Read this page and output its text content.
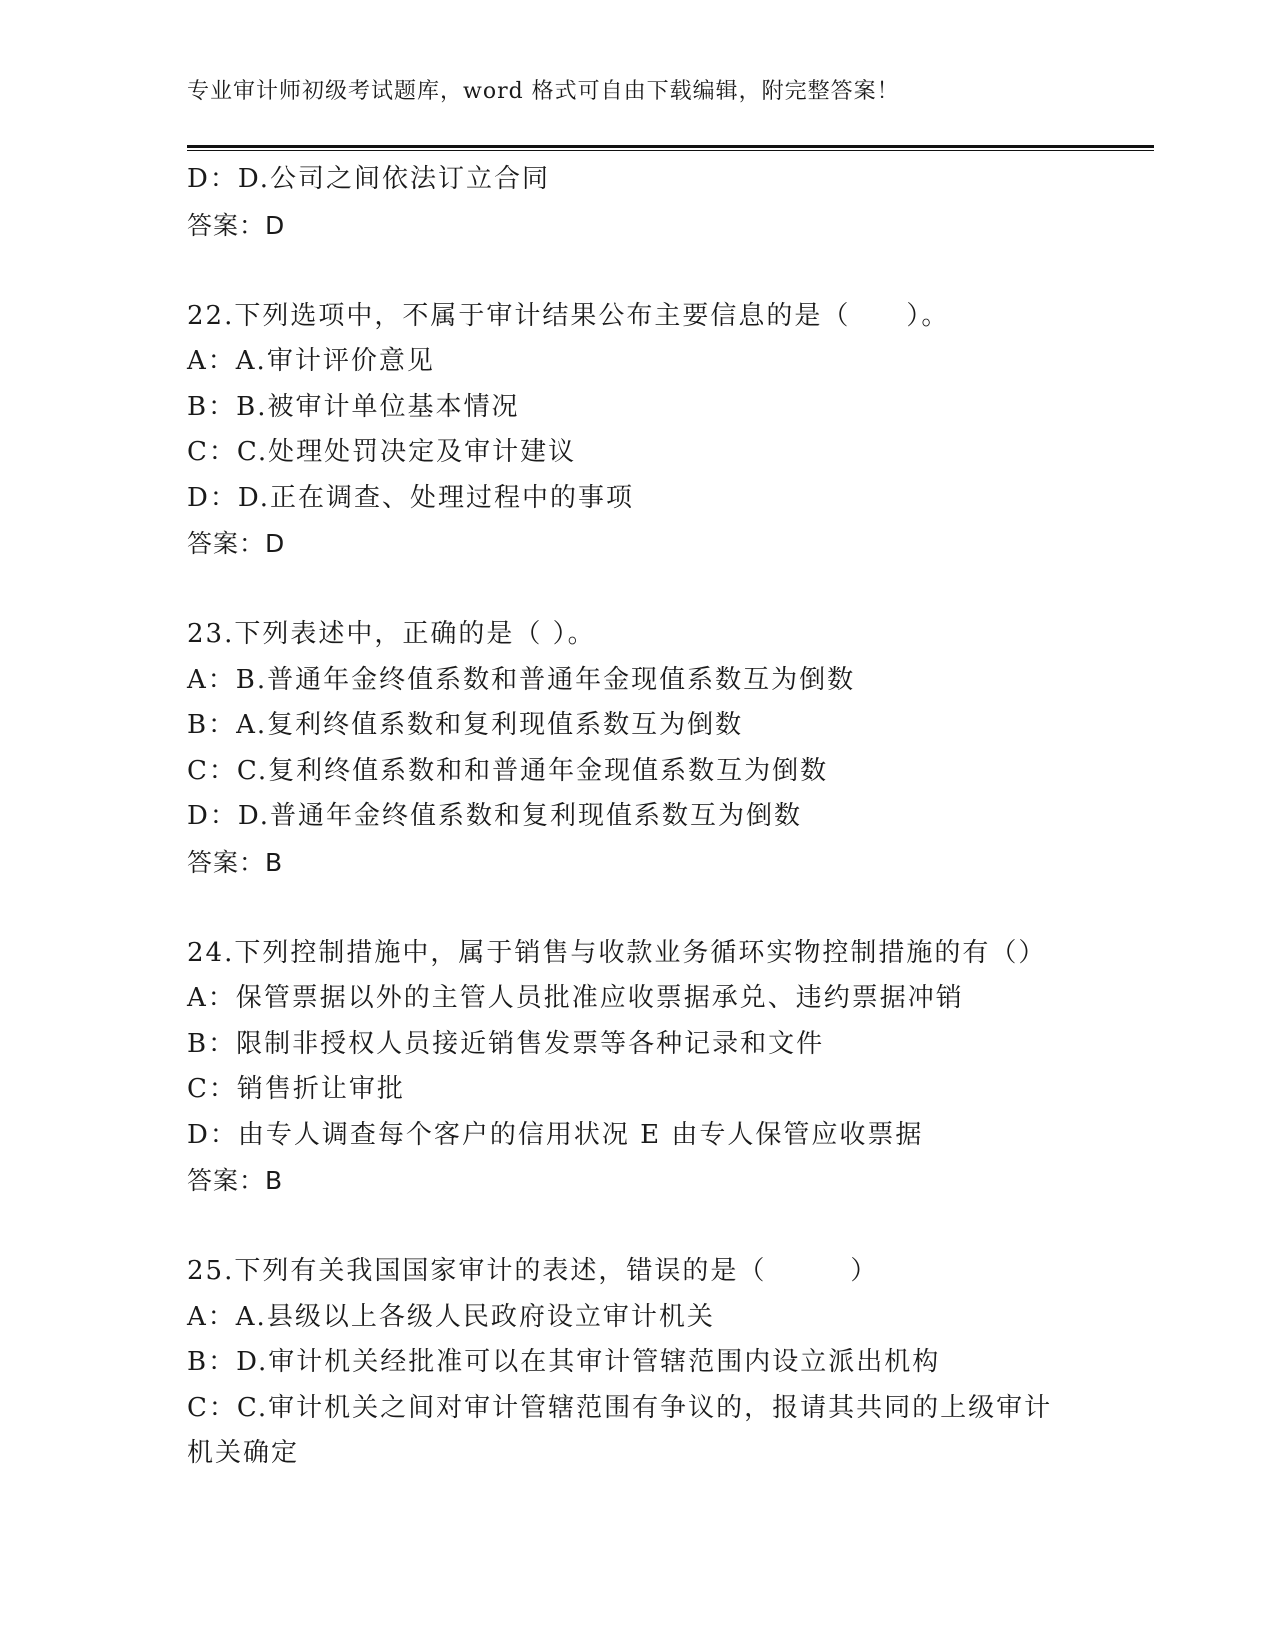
专业审计师初级考试题库，word 格式可自由下载编辑，附完整答案！
D：D.公司之间依法订立合同
答案：D
22.下列选项中，不属于审计结果公布主要信息的是（　　）。
A：A.审计评价意见
B：B.被审计单位基本情况
C：C.处理处罚决定及审计建议
D：D.正在调查、处理过程中的事项
答案：D
23.下列表述中，正确的是（ ）。
A：B.普通年金终值系数和普通年金现值系数互为倒数
B：A.复利终值系数和复利现值系数互为倒数
C：C.复利终值系数和和普通年金现值系数互为倒数
D：D.普通年金终值系数和复利现值系数互为倒数
答案：B
24.下列控制措施中，属于销售与收款业务循环实物控制措施的有（）
A：保管票据以外的主管人员批准应收票据承兑、违约票据冲销
B：限制非授权人员接近销售发票等各种记录和文件
C：销售折让审批
D：由专人调查每个客户的信用状况 E 由专人保管应收票据
答案：B
25.下列有关我国国家审计的表述，错误的是（　　　）
A：A.县级以上各级人民政府设立审计机关
B：D.审计机关经批准可以在其审计管辖范围内设立派出机构
C：C.审计机关之间对审计管辖范围有争议的，报请其共同的上级审计
机关确定
